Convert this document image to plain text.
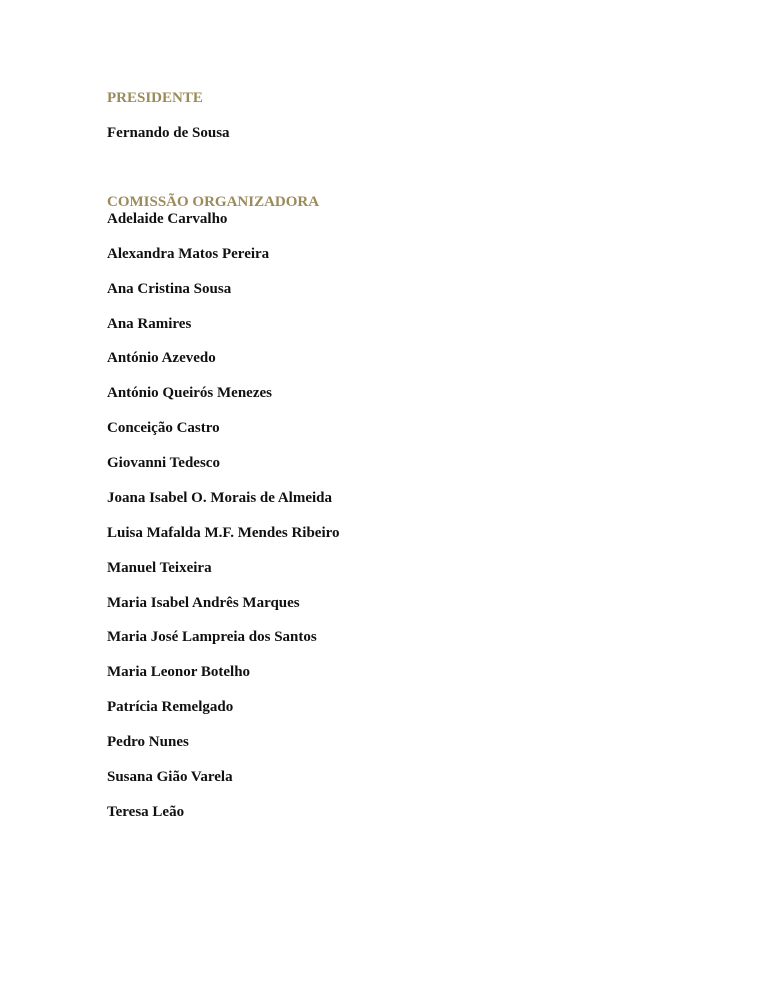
PRESIDENTE

Fernando de Sousa

COMISSÃO ORGANIZADORA

Adelaide Carvalho

Alexandra Matos Pereira

Ana Cristina Sousa

Ana Ramires

António Azevedo

António Queirós Menezes

Conceição Castro

Giovanni Tedesco

Joana Isabel O. Morais de Almeida

Luisa Mafalda M.F. Mendes Ribeiro

Manuel Teixeira

Maria Isabel Andrês Marques

Maria José Lampreia dos Santos

Maria Leonor Botelho

Patrícia Remelgado

Pedro Nunes

Susana Gião Varela

Teresa Leão
